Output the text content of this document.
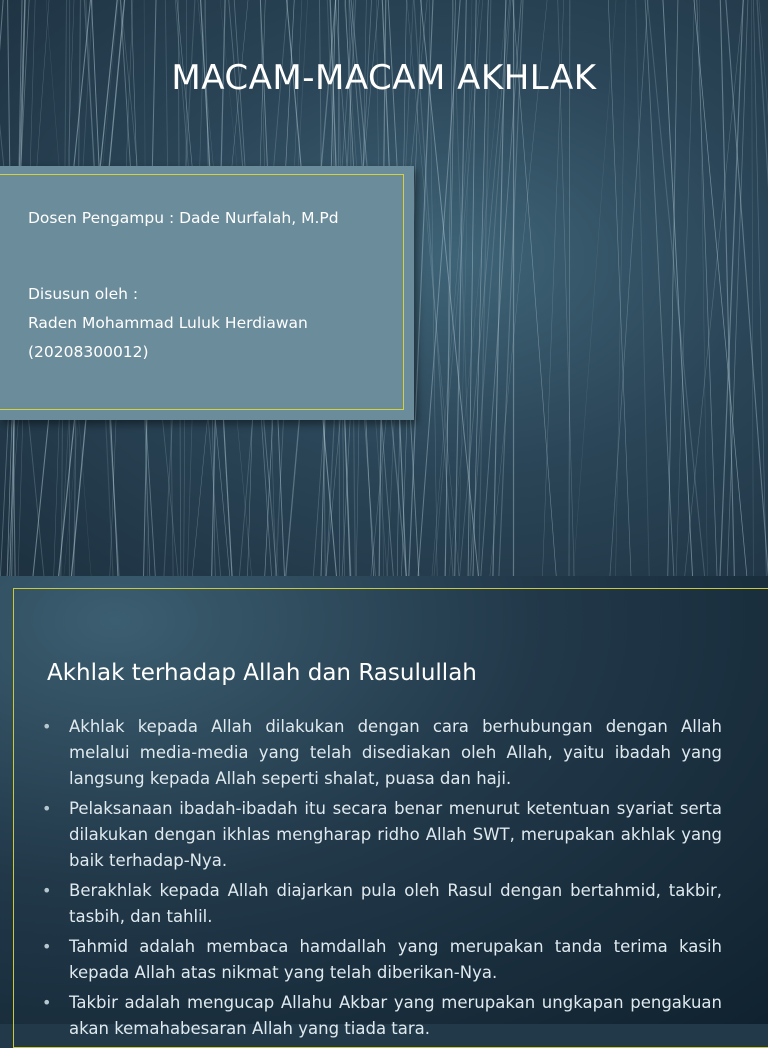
MACAM-MACAM AKHLAK
Dosen Pengampu : Dade Nurfalah, M.Pd
Disusun oleh :
Raden Mohammad Luluk Herdiawan
(20208300012)
Akhlak terhadap Allah dan Rasulullah
• Akhlak kepada Allah dilakukan dengan cara berhubungan dengan Allah melalui media-media yang telah disediakan oleh Allah, yaitu ibadah yang langsung kepada Allah seperti shalat, puasa dan haji.
• Pelaksanaan ibadah-ibadah itu secara benar menurut ketentuan syariat serta dilakukan dengan ikhlas mengharap ridho Allah SWT, merupakan akhlak yang baik terhadap-Nya.
• Berakhlak kepada Allah diajarkan pula oleh Rasul dengan bertahmid, takbir, tasbih, dan tahlil.
• Tahmid adalah membaca hamdallah yang merupakan tanda terima kasih kepada Allah atas nikmat yang telah diberikan-Nya.
• Takbir adalah mengucap Allahu Akbar yang merupakan ungkapan pengakuan akan kemahabesaran Allah yang tiada tara.
